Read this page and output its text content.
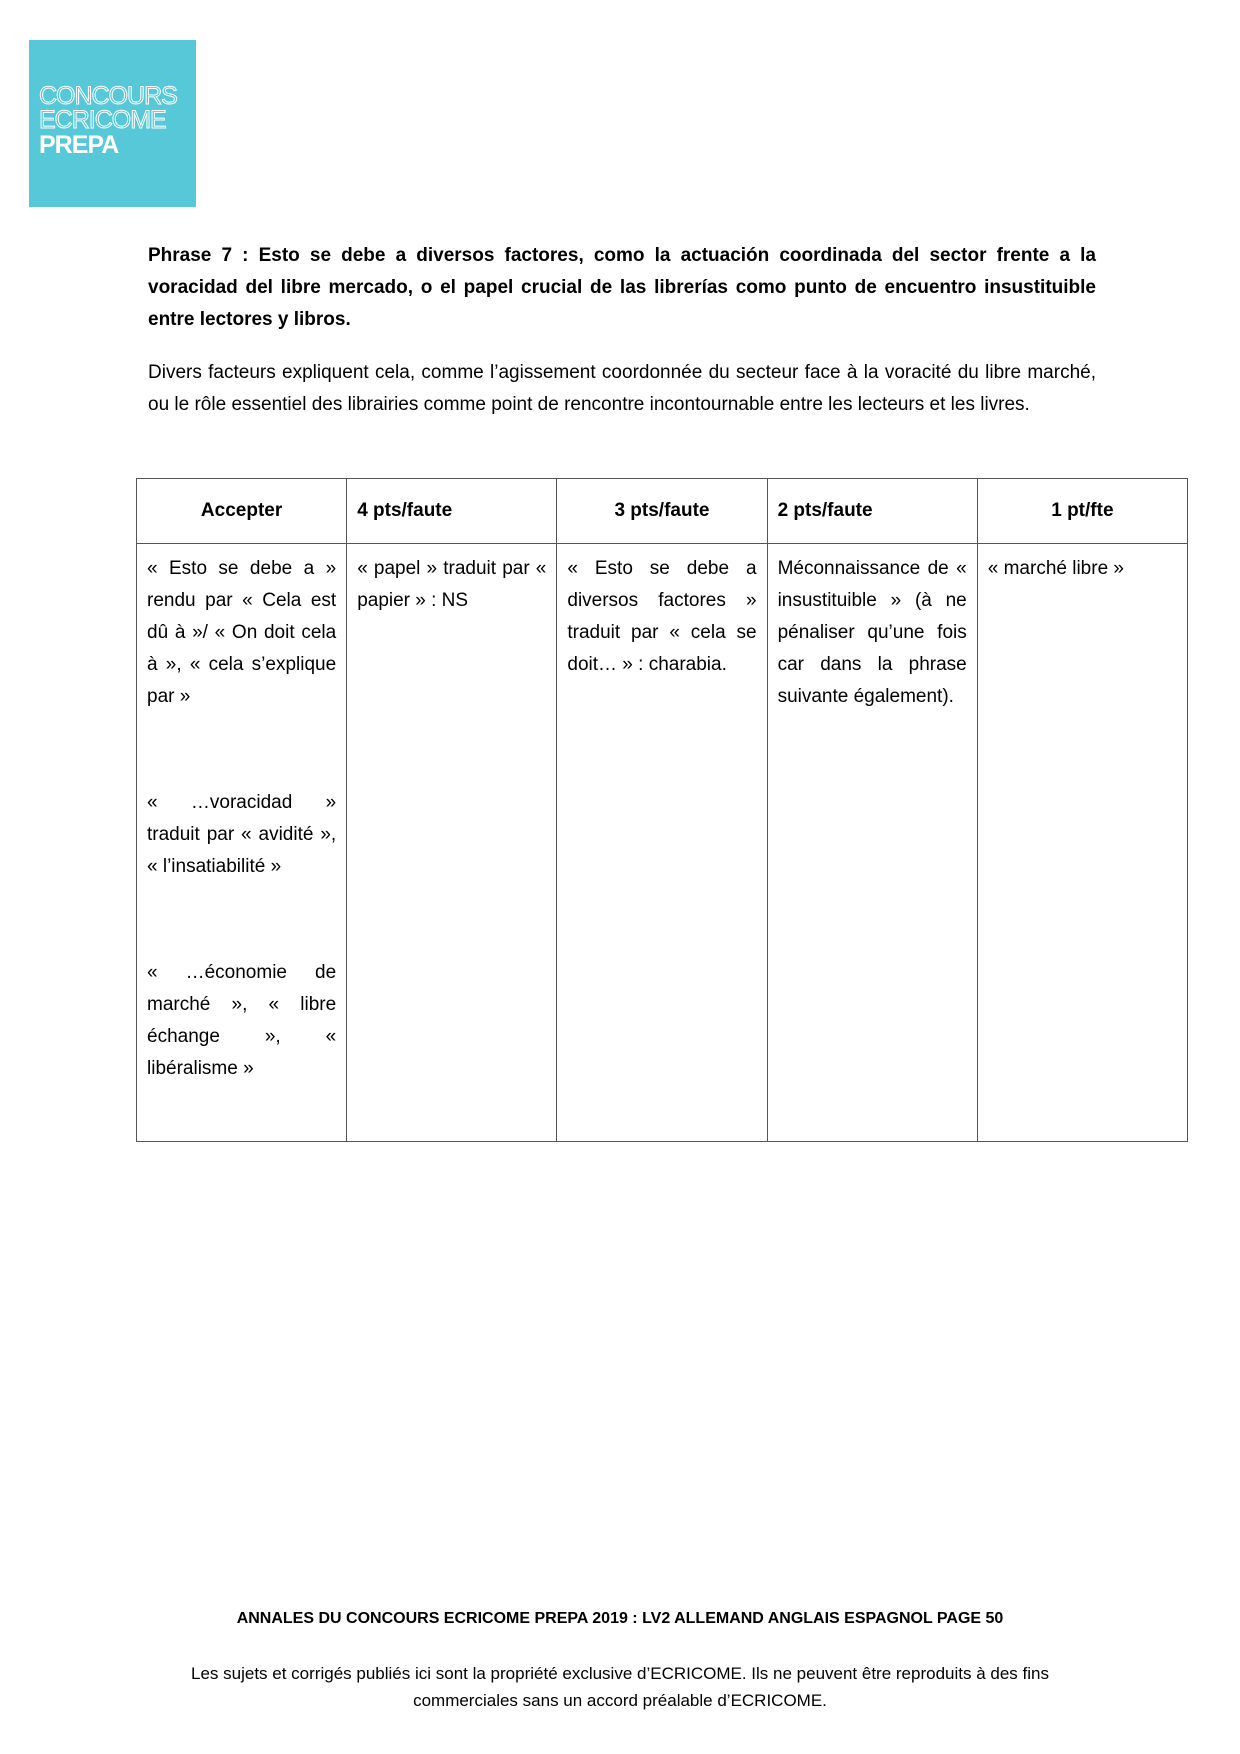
CONCOURS
ECRICOME
PREPA
Phrase 7 : Esto se debe a diversos factores, como la actuación coordinada del sector frente a la voracidad del libre mercado, o el papel crucial de las librerías como punto de encuentro insustituible entre lectores y libros.
Divers facteurs expliquent cela, comme l’agissement coordonnée du secteur face à la voracité du libre marché, ou le rôle essentiel des librairies comme point de rencontre incontournable entre les lecteurs et les livres.
Accepter	4 pts/faute	3 pts/faute	2 pts/faute	1 pt/fte

« Esto se debe a » rendu par « Cela est dû à »/ « On doit cela à », « cela s’explique par »
« …voracidad » traduit par « avidité », « l’insatiabilité »
« …économie de marché », « libre échange », « libéralisme »	« papel » traduit par « papier » : NS	« Esto se debe a diversos factores » traduit par « cela se doit… » : charabia.	Méconnaissance de « insustituible » (à ne pénaliser qu’une fois car dans la phrase suivante également).	« marché libre »
ANNALES DU CONCOURS ECRICOME PREPA 2019 : LV2 ALLEMAND ANGLAIS ESPAGNOL PAGE 50
Les sujets et corrigés publiés ici sont la propriété exclusive d’ECRICOME. Ils ne peuvent être reproduits à des fins commerciales sans un accord préalable d’ECRICOME.
